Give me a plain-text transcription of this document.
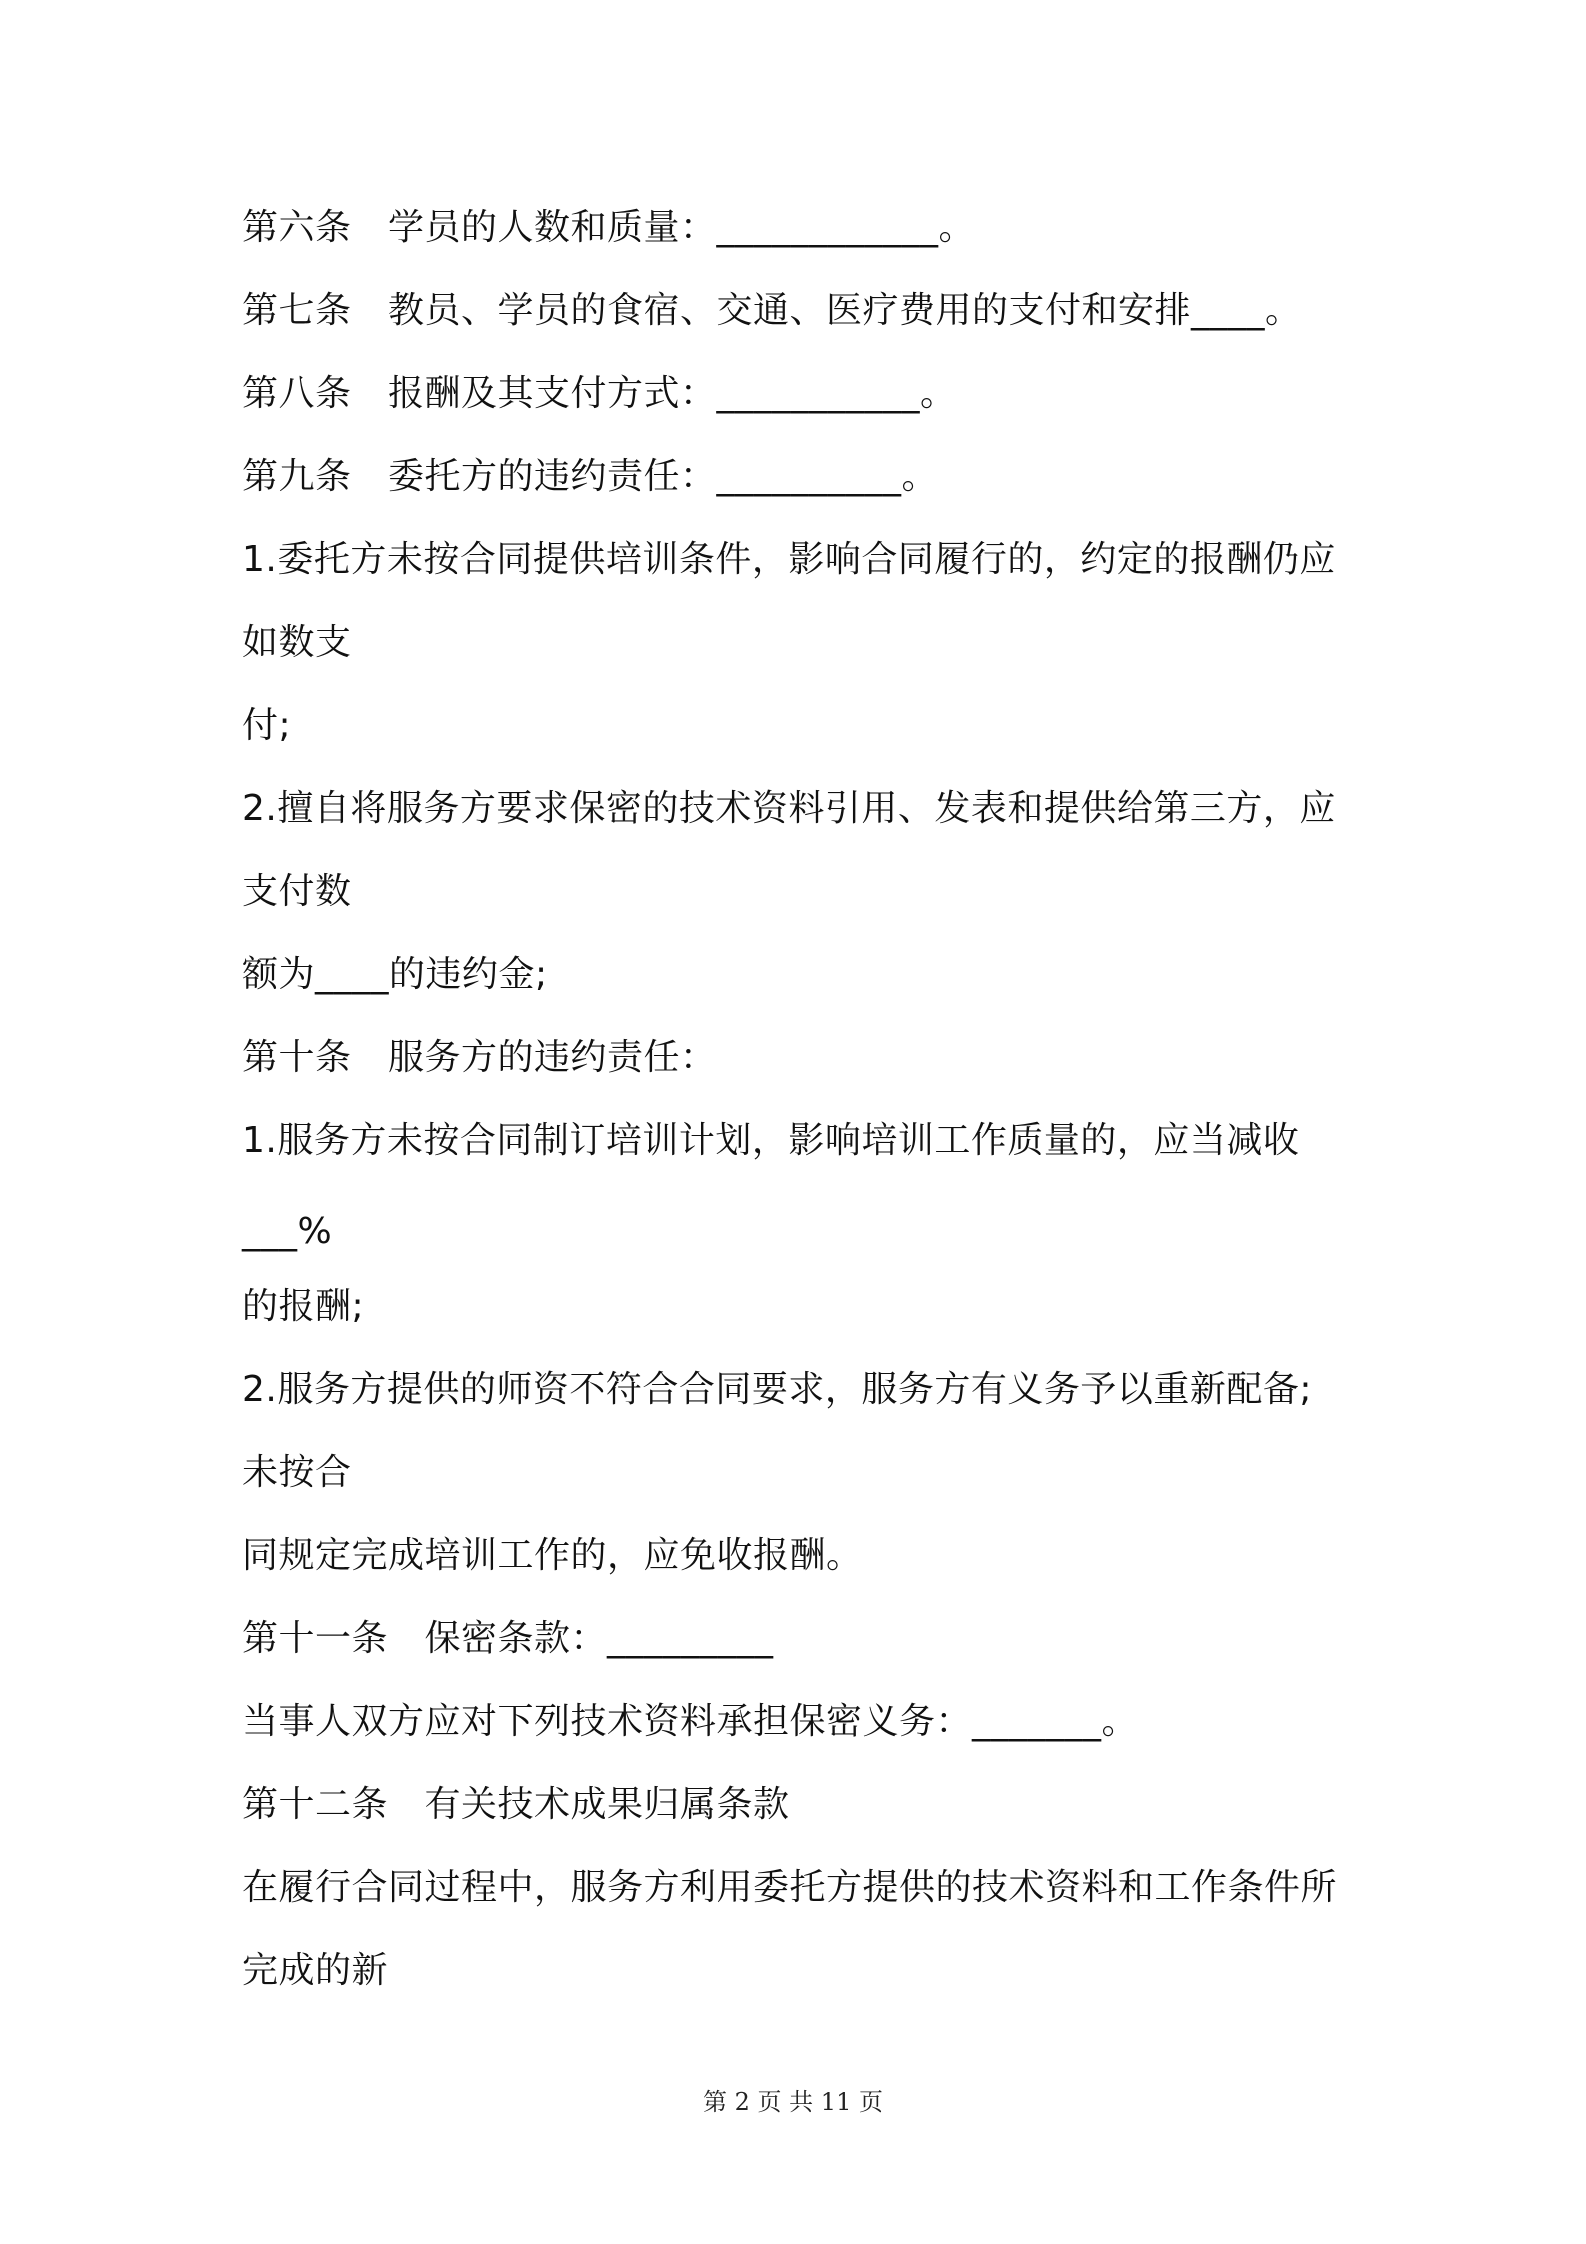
第六条　学员的人数和质量：____________。
第七条　教员、学员的食宿、交通、医疗费用的支付和安排____。
第八条　报酬及其支付方式：___________。
第九条　委托方的违约责任：__________。
1.委托方未按合同提供培训条件，影响合同履行的，约定的报酬仍应
如数支
付;
2.擅自将服务方要求保密的技术资料引用、发表和提供给第三方，应
支付数
额为____的违约金;
第十条　服务方的违约责任：
1.服务方未按合同制订培训计划，影响培训工作质量的，应当减收
___%
的报酬;
2.服务方提供的师资不符合合同要求，服务方有义务予以重新配备;
未按合
同规定完成培训工作的，应免收报酬。
第十一条　保密条款：_________
当事人双方应对下列技术资料承担保密义务：_______。
第十二条　有关技术成果归属条款
在履行合同过程中，服务方利用委托方提供的技术资料和工作条件所
完成的新
第 2 页 共 11 页
